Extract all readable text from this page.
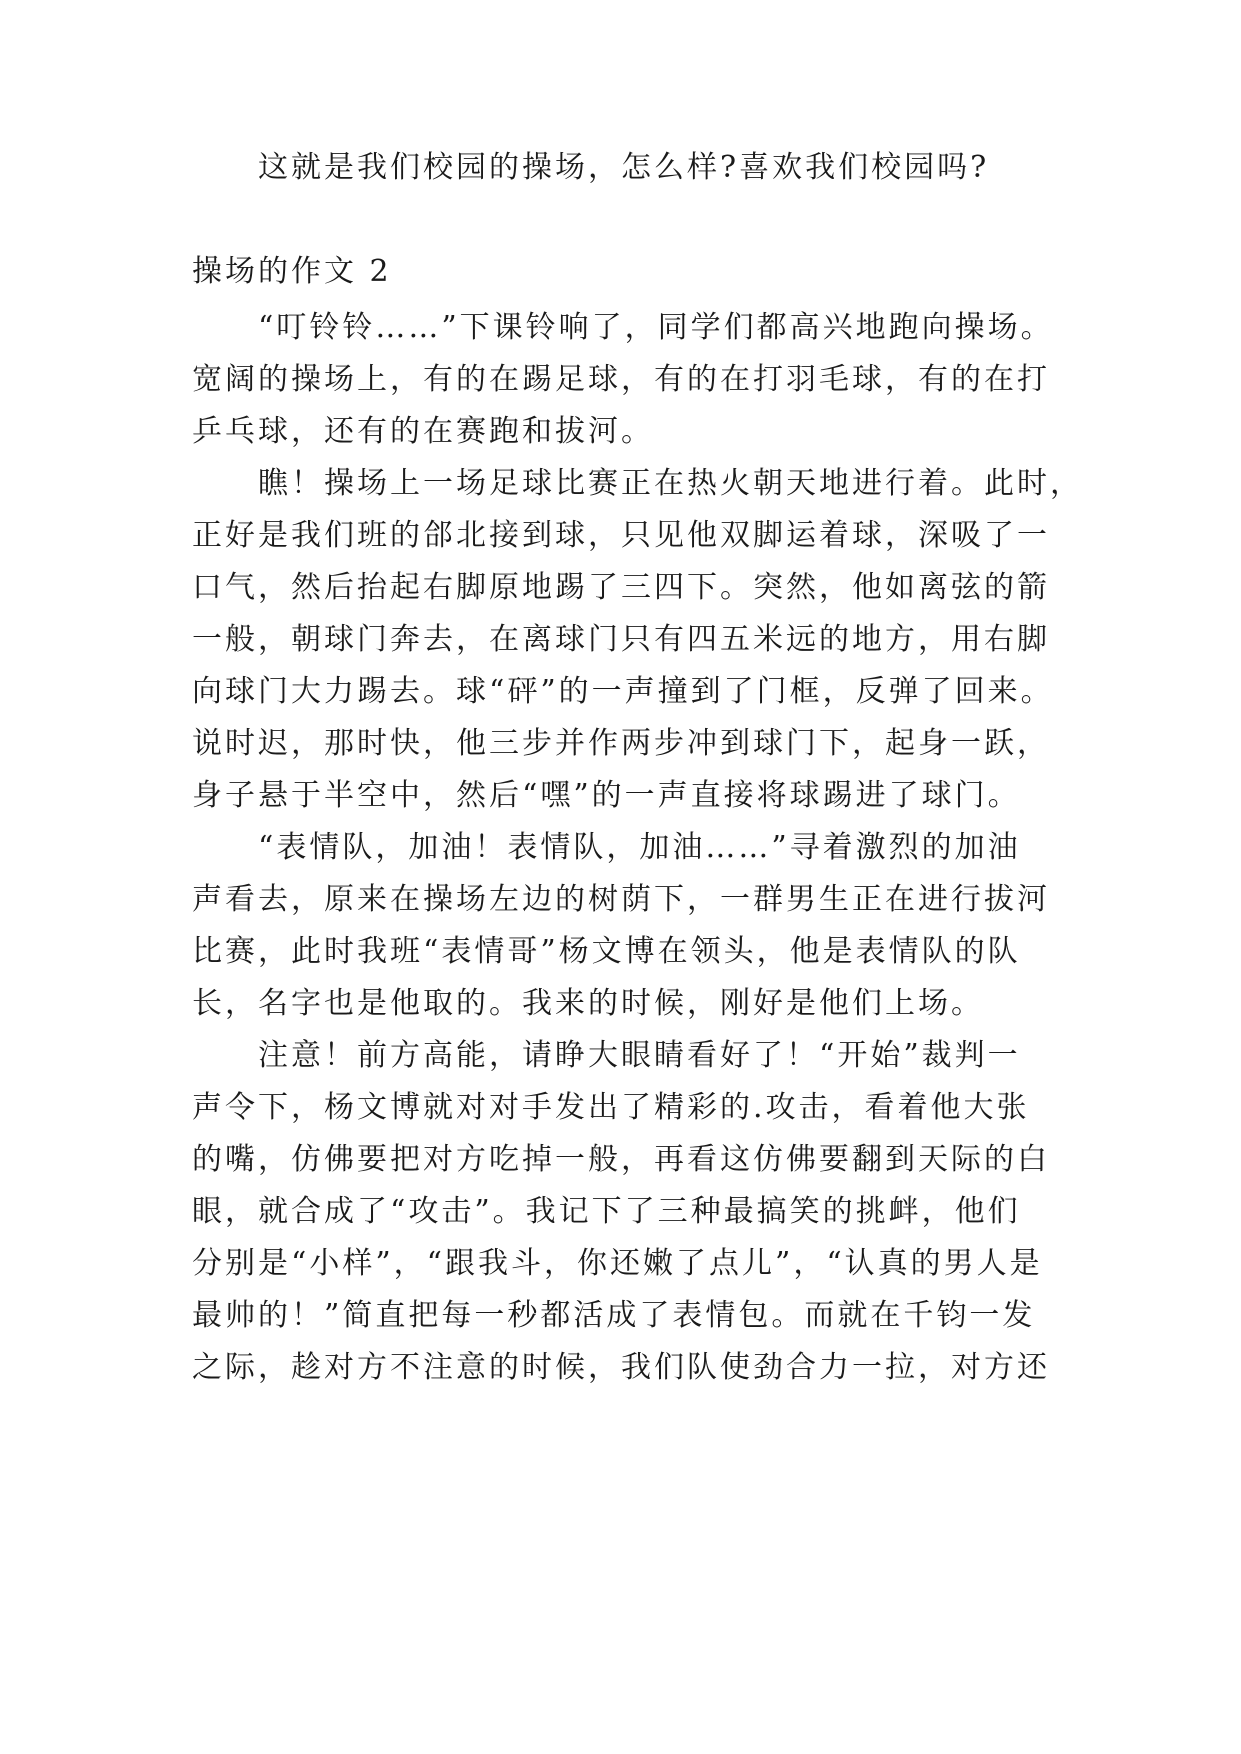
这就是我们校园的操场，怎么样?喜欢我们校园吗?
操场的作文 2
“叮铃铃……”下课铃响了，同学们都高兴地跑向操场。
宽阔的操场上，有的在踢足球，有的在打羽毛球，有的在打
乒乓球，还有的在赛跑和拔河。
瞧！操场上一场足球比赛正在热火朝天地进行着。此时，
正好是我们班的郃北接到球，只见他双脚运着球，深吸了一
口气，然后抬起右脚原地踢了三四下。突然，他如离弦的箭
一般，朝球门奔去，在离球门只有四五米远的地方，用右脚
向球门大力踢去。球“砰”的一声撞到了门框，反弹了回来。
说时迟，那时快，他三步并作两步冲到球门下，起身一跃，
身子悬于半空中，然后“嘿”的一声直接将球踢进了球门。
“表情队，加油！表情队，加油……”寻着激烈的加油
声看去，原来在操场左边的树荫下，一群男生正在进行拔河
比赛，此时我班“表情哥”杨文博在领头，他是表情队的队
长，名字也是他取的。我来的时候，刚好是他们上场。
注意！前方高能，请睁大眼睛看好了！“开始”裁判一
声令下，杨文博就对对手发出了精彩的.攻击，看着他大张
的嘴，仿佛要把对方吃掉一般，再看这仿佛要翻到天际的白
眼，就合成了“攻击”。我记下了三种最搞笑的挑衅，他们
分别是“小样”，“跟我斗，你还嫩了点儿”，“认真的男人是
最帅的！”简直把每一秒都活成了表情包。而就在千钧一发
之际，趁对方不注意的时候，我们队使劲合力一拉，对方还
